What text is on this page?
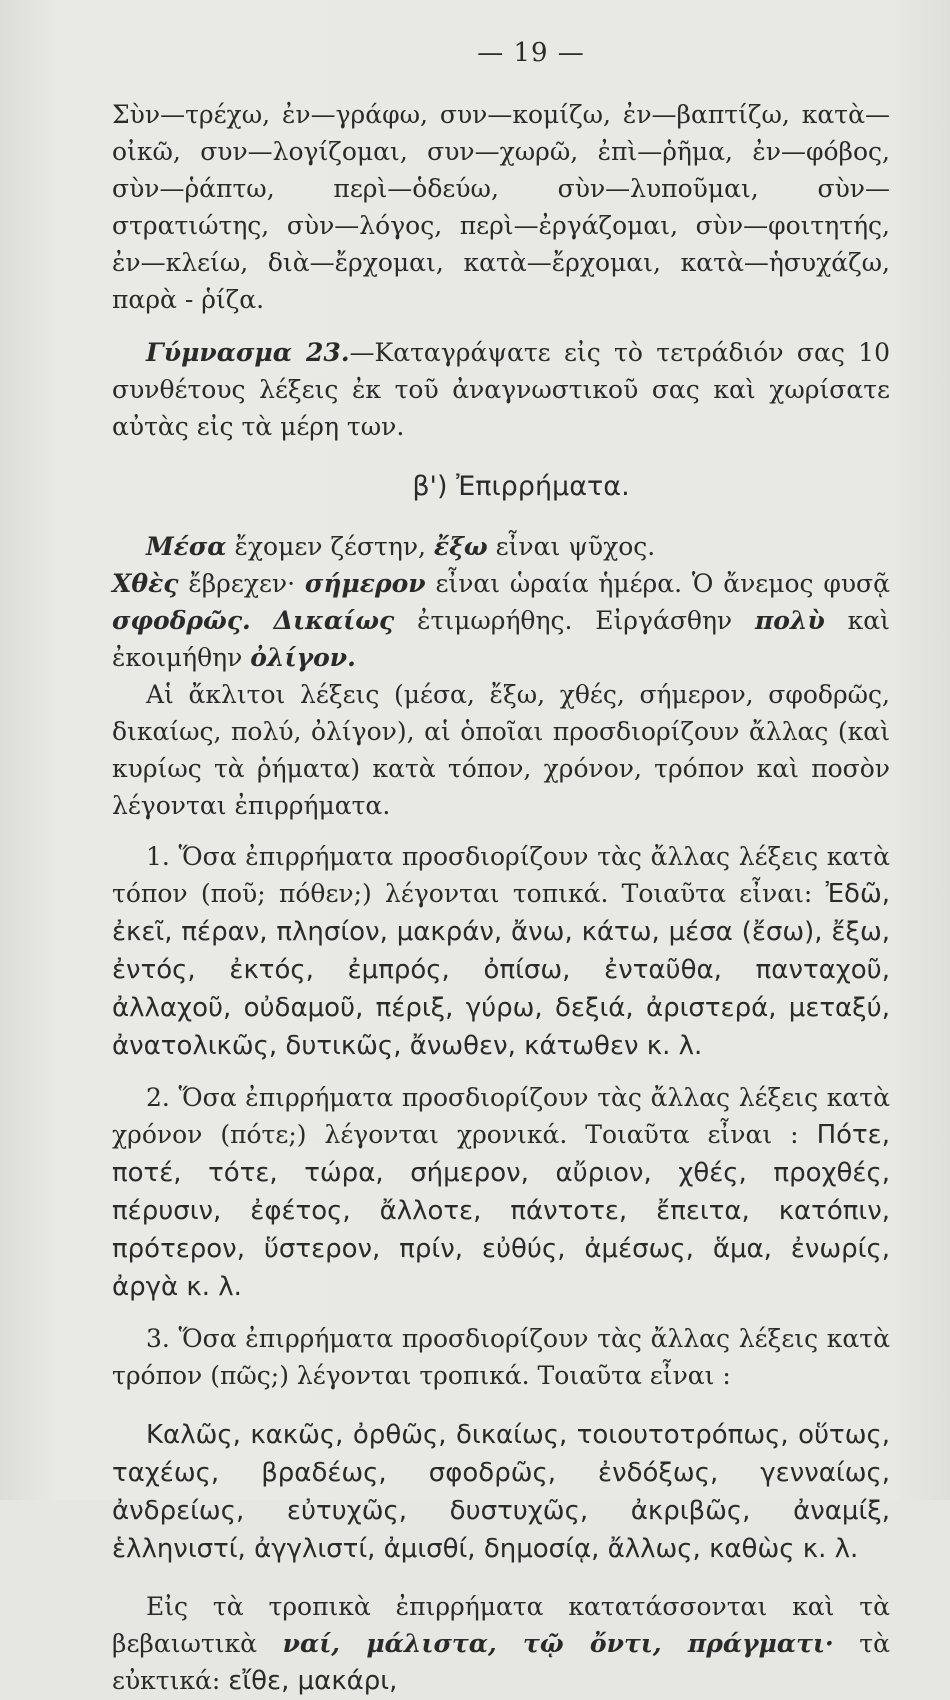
— 19 —

Σὺν—τρέχω, ἐν—γράφω, συν—κομίζω, ἐν—βαπτίζω, κατὰ—οἰκῶ, συν—λογίζομαι, συν—χωρῶ, ἐπὶ—ῥῆμα, ἐν—φόβος, σὺν—ῥάπτω, περὶ—ὁδεύω, σὺν—λυποῦμαι, σὺν—στρατιώτης, σὺν—λόγος, περὶ—ἐργάζομαι, σὺν—φοιτητής, ἐν—κλείω, διὰ—ἔρχομαι, κατὰ—ἔρχομαι, κατὰ—ἡσυχάζω, παρὰ - ῥίζα.

Γύμνασμα 23.—Καταγράψατε εἰς τὸ τετράδιόν σας 10 συνθέτους λέξεις ἐκ τοῦ ἀναγνωστικοῦ σας καὶ χωρίσατε αὐτὰς εἰς τὰ μέρη των.

β') Ἐπιρρήματα.

Μέσα ἔχομεν ζέστην, ἔξω εἶναι ψῦχος.
Χθὲς ἔβρεχεν· σήμερον εἶναι ὡραία ἡμέρα. Ὁ ἄνεμος φυσᾷ σφοδρῶς. Δικαίως ἐτιμωρήθης. Εἰργάσθην πολὺ καὶ ἐκοιμήθην ὀλίγον.

Αἱ ἄκλιτοι λέξεις (μέσα, ἔξω, χθές, σήμερον, σφοδρῶς, δικαίως, πολύ, ὀλίγον), αἱ ὁποῖαι προσδιορίζουν ἄλλας (καὶ κυρίως τὰ ῥήματα) κατὰ τόπον, χρόνον, τρόπον καὶ ποσὸν λέγονται ἐπιρρήματα.

1. Ὅσα ἐπιρρήματα προσδιορίζουν τὰς ἄλλας λέξεις κατὰ τόπον (ποῦ; πόθεν;) λέγονται τοπικά. Τοιαῦτα εἶναι: Ἐδῶ, ἐκεῖ, πέραν, πλησίον, μακράν, ἄνω, κάτω, μέσα (ἔσω), ἔξω, ἐντός, ἐκτός, ἐμπρός, ὀπίσω, ἐνταῦθα, πανταχοῦ, ἀλλαχοῦ, οὐδαμοῦ, πέριξ, γύρω, δεξιά, ἀριστερά, μεταξύ, ἀνατολικῶς, δυτικῶς, ἄνωθεν, κάτωθεν κ. λ.

2. Ὅσα ἐπιρρήματα προσδιορίζουν τὰς ἄλλας λέξεις κατὰ χρόνον (πότε;) λέγονται χρονικά. Τοιαῦτα εἶναι : Πότε, ποτέ, τότε, τώρα, σήμερον, αὔριον, χθές, προχθές, πέρυσιν, ἐφέτος, ἄλλοτε, πάντοτε, ἔπειτα, κατόπιν, πρότερον, ὕστερον, πρίν, εὐθύς, ἀμέσως, ἅμα, ἐνωρίς, ἀργὰ κ. λ.

3. Ὅσα ἐπιρρήματα προσδιορίζουν τὰς ἄλλας λέξεις κατὰ τρόπον (πῶς;) λέγονται τροπικά. Τοιαῦτα εἶναι :

Καλῶς, κακῶς, ὀρθῶς, δικαίως, τοιουτοτρόπως, οὕτως, ταχέως, βραδέως, σφοδρῶς, ἐνδόξως, γενναίως, ἀνδρείως, εὐτυχῶς, δυστυχῶς, ἀκριβῶς, ἀναμίξ, ἑλληνιστί, ἀγγλιστί, ἀμισθί, δημοσίᾳ, ἄλλως, καθὼς κ. λ.

Εἰς τὰ τροπικὰ ἐπιρρήματα κατατάσσονται καὶ τὰ βεβαιωτικὰ ναί, μάλιστα, τῷ ὄντι, πράγματι· τὰ εὐκτικά: εἴθε, μακάρι,
